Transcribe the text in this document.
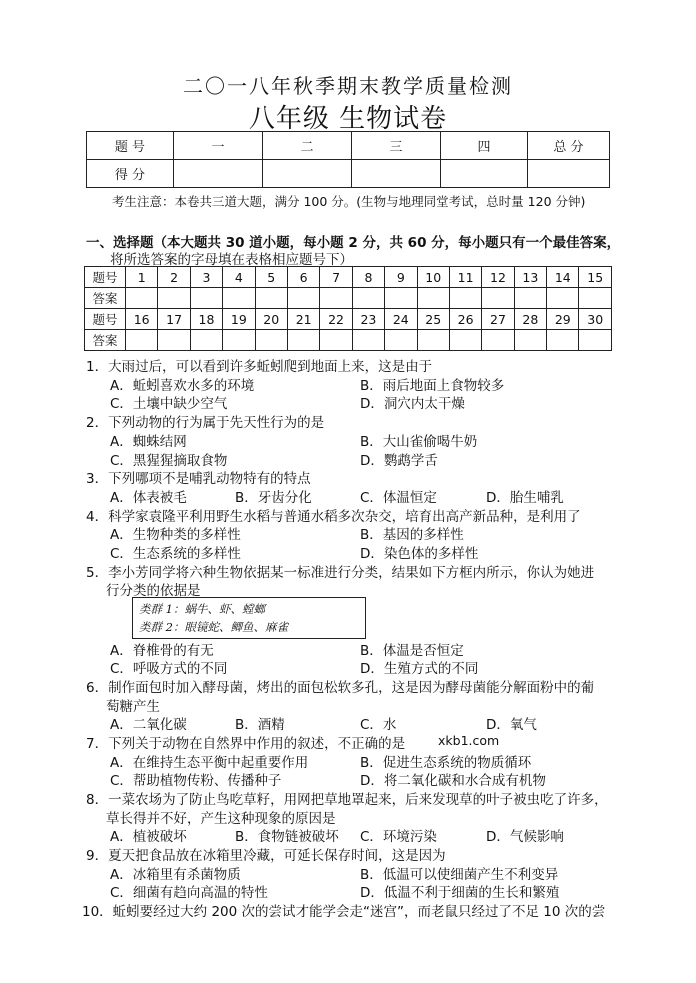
二〇一八年秋季期末教学质量检测
八年级 生物试卷
题 号	一	二	三	四	总 分
得 分					
考生注意：本卷共三道大题，满分 100 分。(生物与地理同堂考试，总时量 120 分钟)
一、选择题（本大题共 30 道小题，每小题 2 分，共 60 分，每小题只有一个最佳答案，
将所选答案的字母填在表格相应题号下）
题号	1	2	3	4	5	6	7	8	9	10	11	12	13	14	15
答案															
题号	16	17	18	19	20	21	22	23	24	25	26	27	28	29	30
答案															
1．大雨过后，可以看到许多蚯蚓爬到地面上来，这是由于
A．蚯蚓喜欢水多的环境	B．雨后地面上食物较多
C．土壤中缺少空气	D．洞穴内太干燥
2．下列动物的行为属于先天性行为的是
A．蜘蛛结网	B．大山雀偷喝牛奶
C．黑猩猩摘取食物	D．鹦鹉学舌
3．下列哪项不是哺乳动物特有的特点
A．体表被毛	B．牙齿分化	C．体温恒定	D．胎生哺乳
4．科学家袁隆平利用野生水稻与普通水稻多次杂交，培育出高产新品种，是利用了
A．生物种类的多样性	B．基因的多样性
C．生态系统的多样性	D．染色体的多样性
5．李小芳同学将六种生物依据某一标准进行分类，结果如下方框内所示，你认为她进
行分类的依据是
类群 1：蜗牛、虾、螳螂
类群 2：眼镜蛇、鲫鱼、麻雀
A．脊椎骨的有无	B．体温是否恒定
C．呼吸方式的不同	D．生殖方式的不同
6．制作面包时加入酵母菌，烤出的面包松软多孔，这是因为酵母菌能分解面粉中的葡
萄糖产生
A．二氧化碳	B．酒精	C．水	D．氧气
7．下列关于动物在自然界中作用的叙述，不正确的是	xkb1.com
A．在维持生态平衡中起重要作用	B．促进生态系统的物质循环
C．帮助植物传粉、传播种子	D．将二氧化碳和水合成有机物
8．一菜农场为了防止鸟吃草籽，用网把草地罩起来，后来发现草的叶子被虫吃了许多，
草长得并不好，产生这种现象的原因是
A．植被破坏	B．食物链被破坏 C．环境污染	D．气候影响
9．夏天把食品放在冰箱里冷藏，可延长保存时间，这是因为
A．冰箱里有杀菌物质	B．低温可以使细菌产生不利变异
C．细菌有趋向高温的特性	D．低温不利于细菌的生长和繁殖
10．蚯蚓要经过大约 200 次的尝试才能学会走“迷宫”，而老鼠只经过了不足 10 次的尝
